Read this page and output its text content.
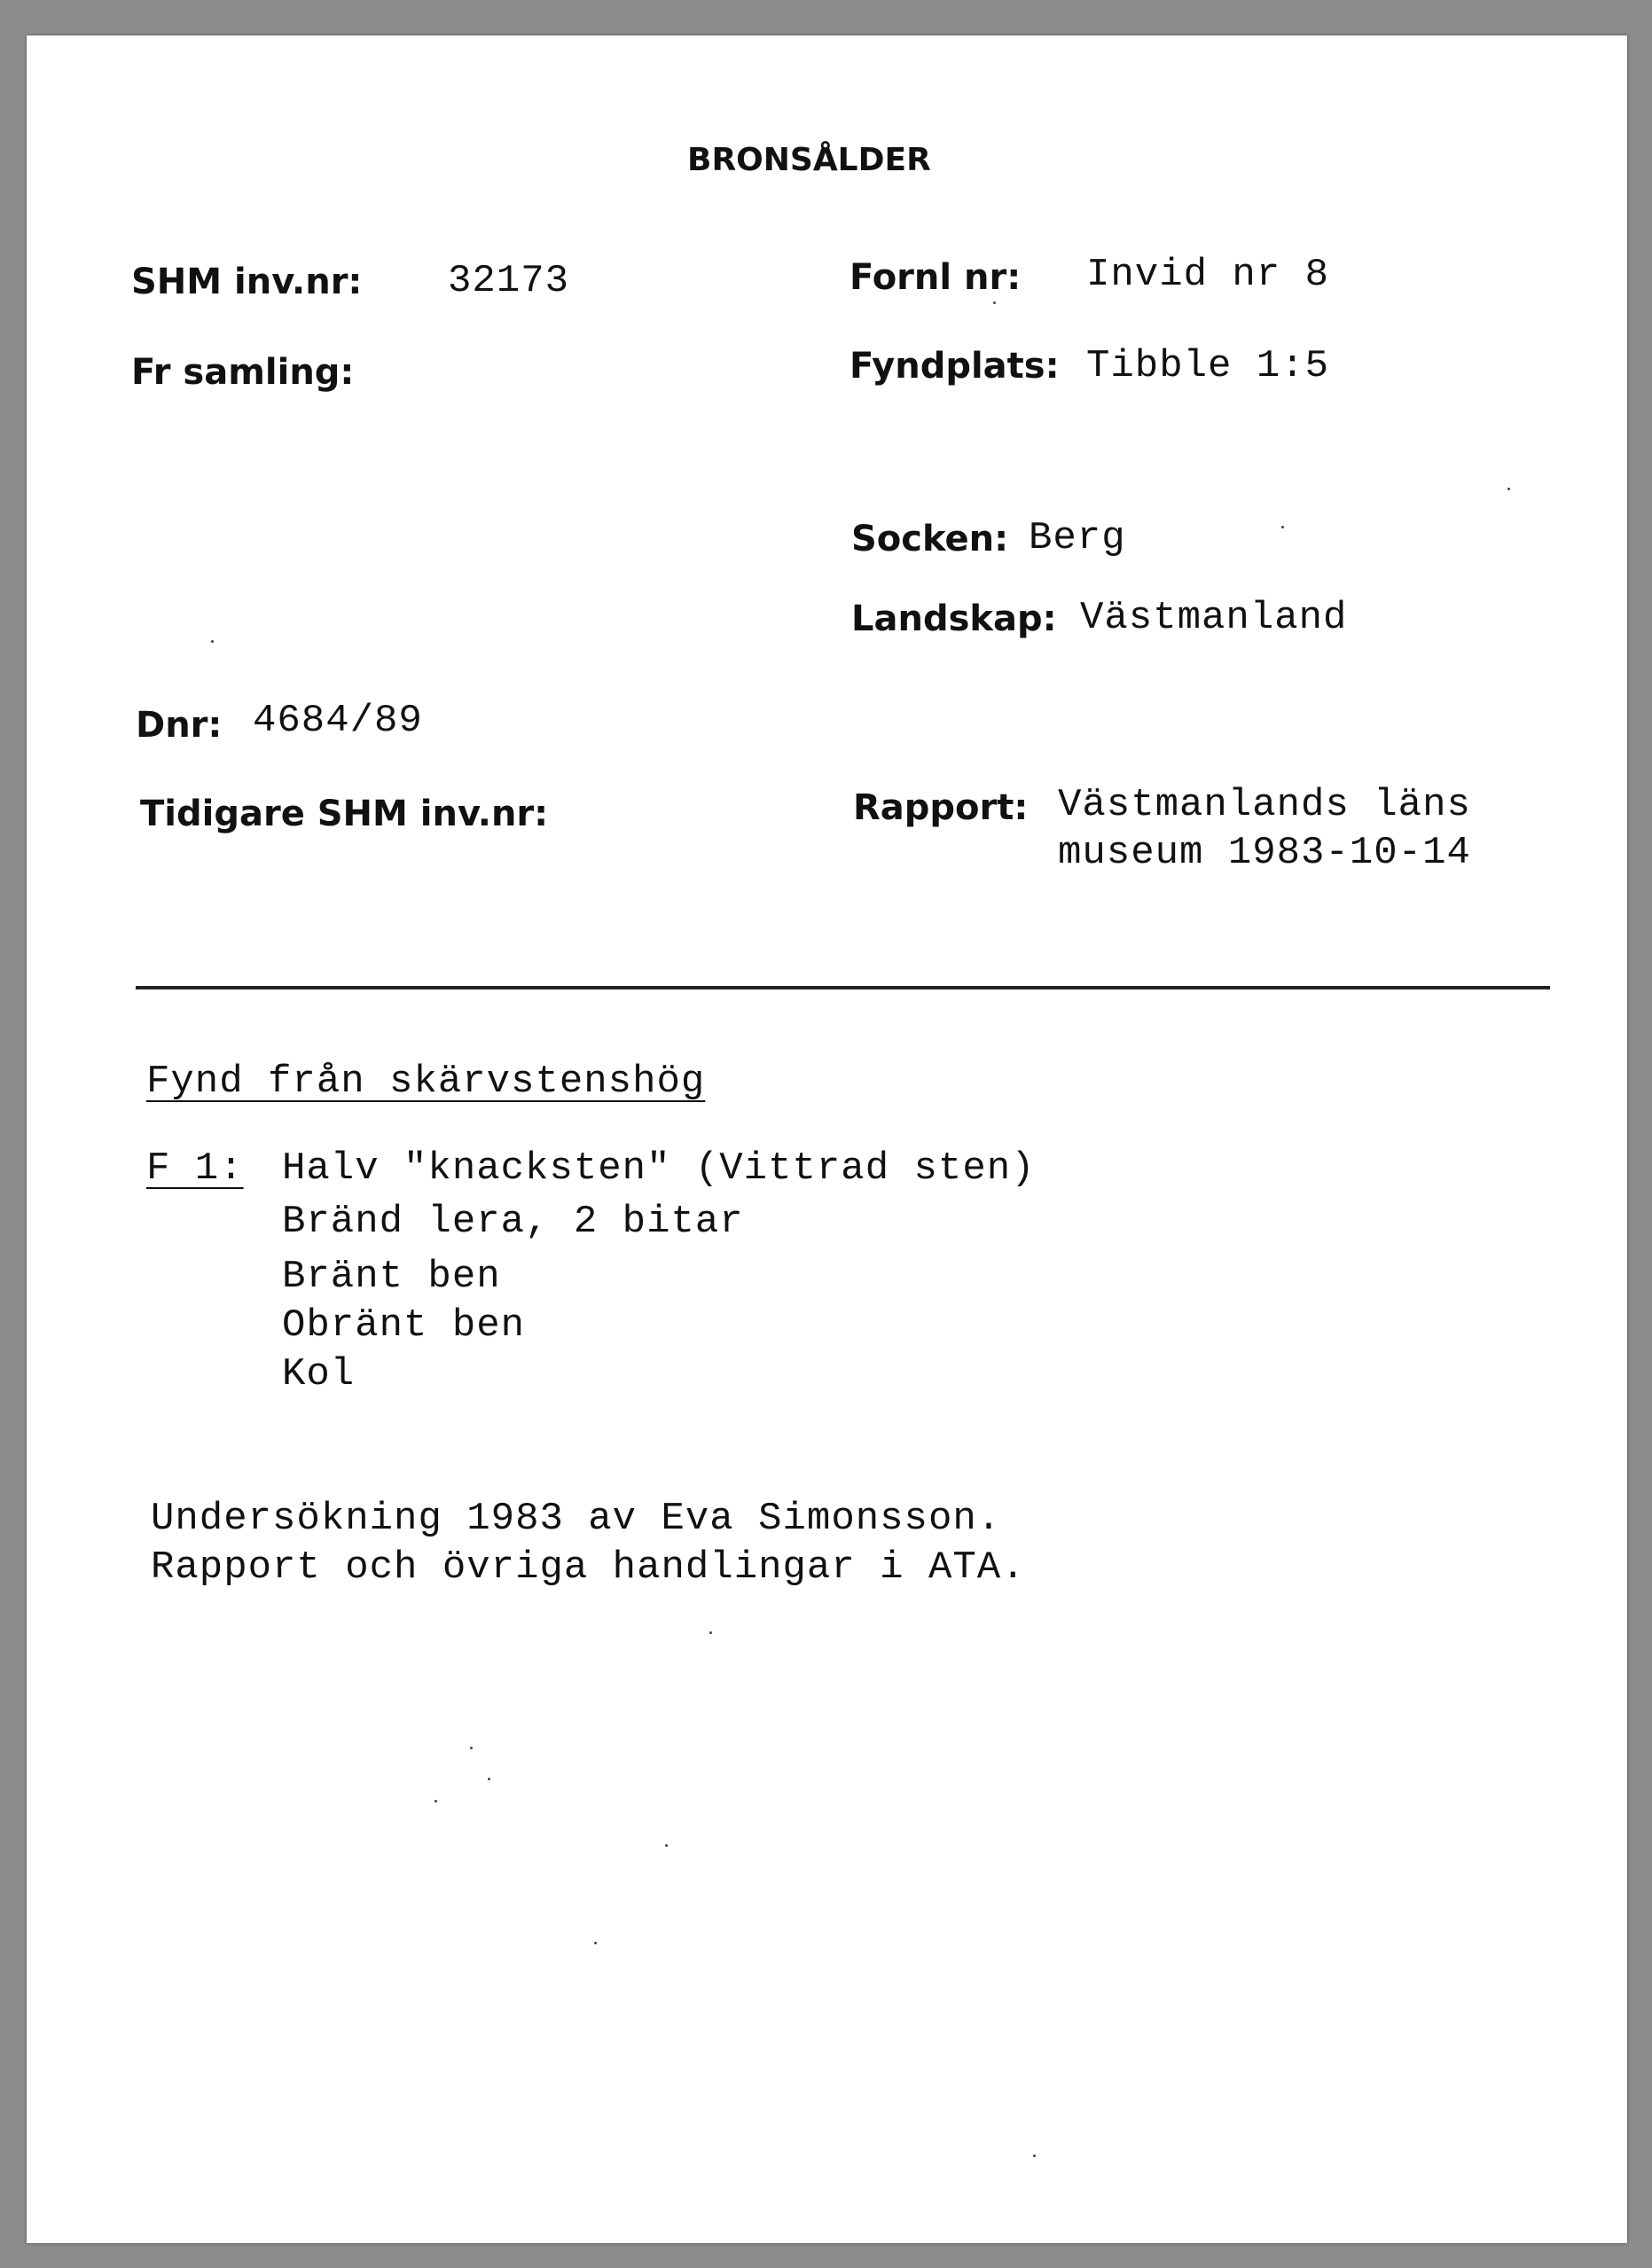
BRONSÅLDER
SHM inv.nr: 32173
Fr samling:
Dnr: 4684/89
Tidigare SHM inv.nr:
Fornl nr: Invid nr 8
Fyndplats: Tibble 1:5
Socken: Berg
Landskap: Västmanland
Rapport: Västmanlands läns
museum 1983-10-14
Fynd från skärvstenshög
F 1: Halv "knacksten" (Vittrad sten)
Bränd lera, 2 bitar
Bränt ben
Obränt ben
Kol
Undersökning 1983 av Eva Simonsson.
Rapport och övriga handlingar i ATA.
